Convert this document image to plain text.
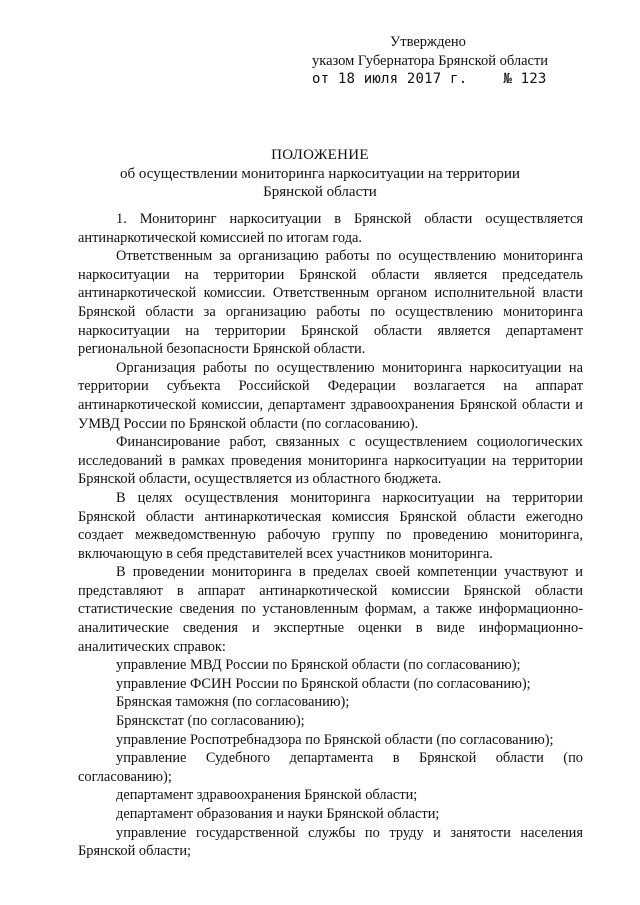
Утверждено
указом Губернатора Брянской области
от 18 июля 2017 г.	№ 123
ПОЛОЖЕНИЕ
об осуществлении мониторинга наркоситуации на территории
Брянской области

1. Мониторинг наркоситуации в Брянской области осуществляется антинаркотической комиссией по итогам года.

Ответственным за организацию работы по осуществлению мониторинга наркоситуации на территории Брянской области является председатель антинаркотической комиссии. Ответственным органом исполнительной власти Брянской области за организацию работы по осуществлению мониторинга наркоситуации на территории Брянской области является департамент региональной безопасности Брянской области.

Организация работы по осуществлению мониторинга наркоситуации на территории субъекта Российской Федерации возлагается на аппарат антинаркотической комиссии, департамент здравоохранения Брянской области и УМВД России по Брянской области (по согласованию).

Финансирование работ, связанных с осуществлением социологических исследований в рамках проведения мониторинга наркоситуации на территории Брянской области, осуществляется из областного бюджета.

В целях осуществления мониторинга наркоситуации на территории Брянской области антинаркотическая комиссия Брянской области ежегодно создает межведомственную рабочую группу по проведению мониторинга, включающую в себя представителей всех участников мониторинга.

В проведении мониторинга в пределах своей компетенции участвуют и представляют в аппарат антинаркотической комиссии Брянской области статистические сведения по установленным формам, а также информационно-аналитические сведения и экспертные оценки в виде информационно-аналитических справок:

управление МВД России по Брянской области (по согласованию);

управление ФСИН России по Брянской области (по согласованию);

Брянская таможня (по согласованию);

Брянскстат (по согласованию);

управление Роспотребнадзора по Брянской области (по согласованию);

управление Судебного департамента в Брянской области (по согласованию);

департамент здравоохранения Брянской области;

департамент образования и науки Брянской области;

управление государственной службы по труду и занятости населения Брянской области;
